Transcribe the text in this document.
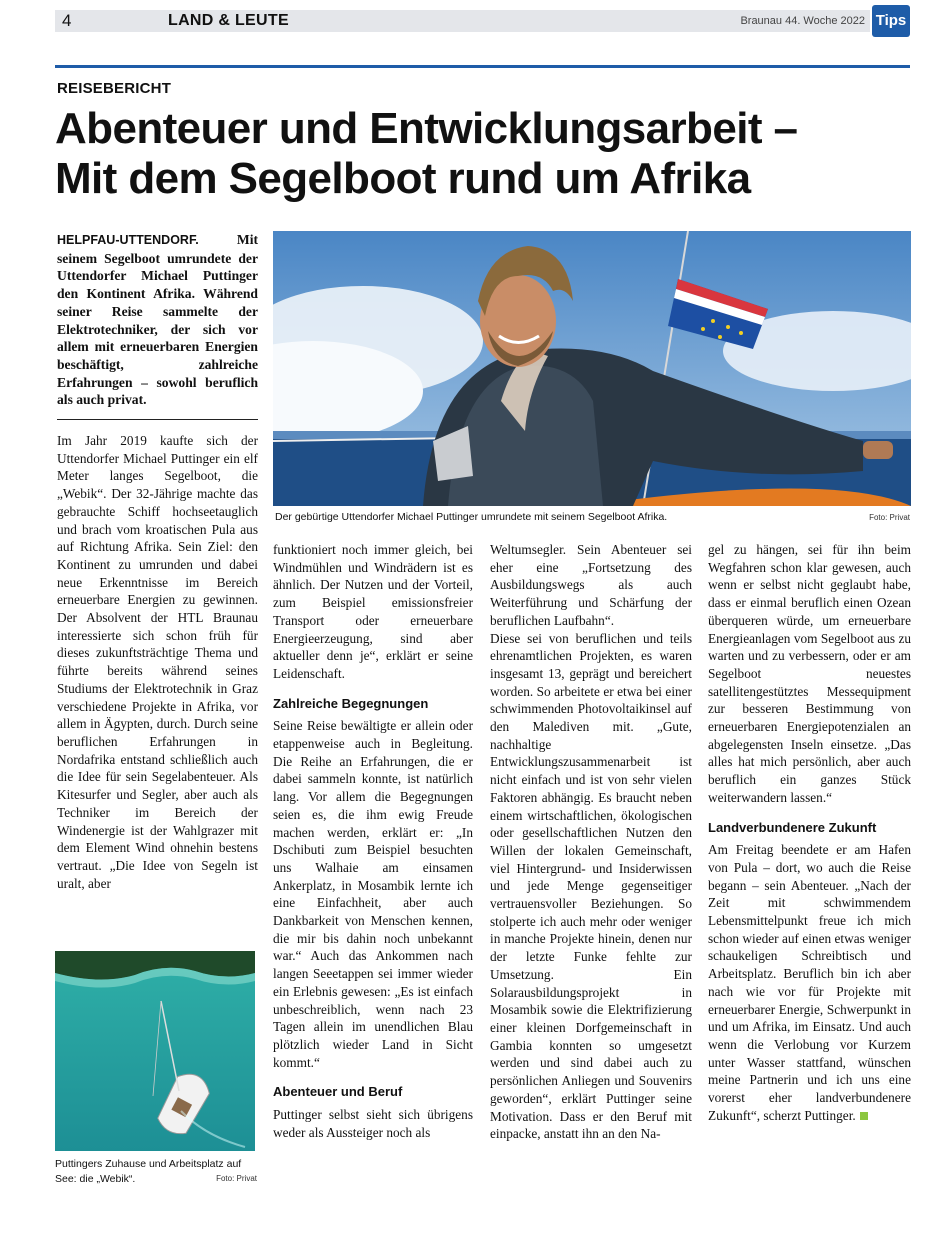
4	LAND & LEUTE	Braunau 44. Woche 2022 Tips
REISEBERICHT
Abenteuer und Entwicklungsarbeit –
Mit dem Segelboot rund um Afrika

HELPFAU-UTTENDORF.	Mit seinem Segelboot umrundete der Uttendorfer Michael Puttinger den Kontinent Afrika. Während seiner Reise sammelte der Elektrotechniker, der sich vor allem mit erneuerbaren Energien beschäftigt, zahlreiche Erfahrungen – sowohl beruflich als auch privat.

Im Jahr 2019 kaufte sich der Uttendorfer Michael Puttinger ein elf Meter langes Segelboot, die „Webik“. Der 32-Jährige machte das gebrauchte Schiff hochseetauglich und brach vom kroatischen Pula aus auf Richtung Afrika. Sein Ziel: den Kontinent zu umrunden und dabei neue Erkenntnisse im Bereich erneuerbare Energien zu gewinnen. Der Absolvent der HTL Braunau interessierte sich schon früh für dieses zukunftsträchtige Thema und führte bereits während seines Studiums der Elektrotechnik in Graz verschiedene Projekte in Afrika, vor allem in Ägypten, durch. Durch seine beruflichen Erfahrungen in Nordafrika entstand schließlich auch die Idee für sein Segelabenteuer. Als Kitesurfer und Segler, aber auch als Techniker im Bereich der Windenergie ist der Wahlgrazer mit dem Element Wind ohnehin bestens vertraut. „Die Idee von Segeln ist uralt, aber

Puttingers Zuhause und Arbeitsplatz auf See: die „Webik“.	Foto: Privat
Der gebürtige Uttendorfer Michael Puttinger umrundete mit seinem Segelboot Afrika.	Foto: Privat

funktioniert noch immer gleich, bei Windmühlen und Windrädern ist es ähnlich. Der Nutzen und der Vorteil, zum Beispiel emissionsfreier Transport oder erneuerbare Energieerzeugung, sind aber aktueller denn je“, erklärt er seine Leidenschaft.

Zahlreiche Begegnungen

Seine Reise bewältigte er allein oder etappenweise auch in Begleitung. Die Reihe an Erfahrungen, die er dabei sammeln konnte, ist natürlich lang. Vor allem die Begegnungen seien es, die ihm ewig Freude machen werden, erklärt er: „In Dschibuti zum Beispiel besuchten uns Walhaie am einsamen Ankerplatz, in Mosambik lernte ich eine Einfachheit, aber auch Dankbarkeit von Menschen kennen, die mir bis dahin noch unbekannt war.“ Auch das Ankommen nach langen Seeetappen sei immer wieder ein Erlebnis gewesen: „Es ist einfach unbeschreiblich, wenn nach 23 Tagen allein im unendlichen Blau plötzlich wieder Land in Sicht kommt.“

Abenteuer und Beruf

Puttinger selbst sieht sich übrigens weder als Aussteiger noch als

Weltumsegler. Sein Abenteuer sei eher eine „Fortsetzung des Ausbildungswegs als auch Weiterführung und Schärfung der beruflichen Laufbahn“.

Diese sei von beruflichen und teils ehrenamtlichen Projekten, es waren insgesamt 13, geprägt und bereichert worden. So arbeitete er etwa bei einer schwimmenden Photovoltaikinsel auf den Malediven mit. „Gute, nachhaltige Entwicklungszusammenarbeit ist nicht einfach und ist von sehr vielen Faktoren abhängig. Es braucht neben einem wirtschaftlichen, ökologischen oder gesellschaftlichen Nutzen den Willen der lokalen Gemeinschaft, viel Hintergrund- und Insiderwissen und jede Menge gegenseitiger vertrauensvoller Beziehungen. So stolperte ich auch mehr oder weniger in manche Projekte hinein, denen nur der letzte Funke fehlte zur Umsetzung. Ein Solarausbildungsprojekt in Mosambik sowie die Elektrifizierung einer kleinen Dorfgemeinschaft in Gambia konnten so umgesetzt werden und sind dabei auch zu persönlichen Anliegen und Souvenirs geworden“, erklärt Puttinger seine Motivation. Dass er den Beruf mit einpacke, anstatt ihn an den Na-

gel zu hängen, sei für ihn beim Wegfahren schon klar gewesen, auch wenn er selbst nicht geglaubt habe, dass er einmal beruflich einen Ozean überqueren würde, um erneuerbare Energieanlagen vom Segelboot aus zu warten und zu verbessern, oder er am Segelboot neuestes satellitengestütztes Messequipment zur besseren Bestimmung von erneuerbaren Energiepotenzialen an abgelegensten Inseln einsetze. „Das alles hat mich persönlich, aber auch beruflich ein ganzes Stück weiterwandern lassen.“

Landverbundenere Zukunft

Am Freitag beendete er am Hafen von Pula – dort, wo auch die Reise begann – sein Abenteuer. „Nach der Zeit mit schwimmendem Lebensmittelpunkt freue ich mich schon wieder auf einen etwas weniger schaukeligen Schreibtisch und Arbeitsplatz. Beruflich bin ich aber nach wie vor für Projekte mit erneuerbarer Energie, Schwerpunkt in und um Afrika, im Einsatz. Und auch wenn die Verlobung vor Kurzem unter Wasser stattfand, wünschen meine Partnerin und ich uns eine vorerst eher landverbundenere Zukunft“, scherzt Puttinger.
